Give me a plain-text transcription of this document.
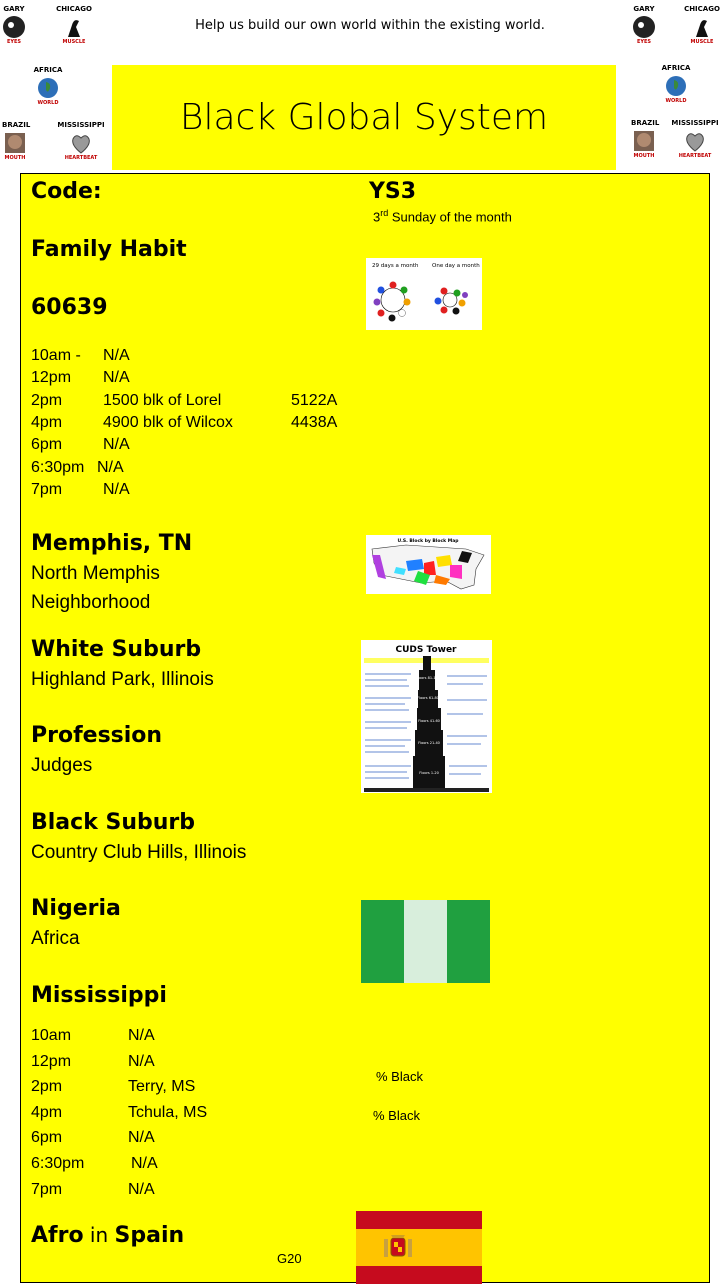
Help us build our own world within the existing world.
GARY
EYES
CHICAGO
MUSCLE
AFRICA
WORLD
BRAZIL
MOUTH
MISSISSIPPI
HEARTBEAT
GARY
EYES
CHICAGO
MUSCLE
AFRICA
WORLD
BRAZIL
MOUTH
MISSISSIPPI
HEARTBEAT
Black Global System
Code:	YS3
3rd Sunday of the month
Family Habit
29 days a month One day a month
60639
10am - N/A
12pm N/A
2pm	1500 blk of Lorel	5122A
4pm	4900 blk of Wilcox	4438A
6pm	N/A
6:30pm N/A
7pm	N/A
Memphis, TN
North Memphis
Neighborhood
U.S. Block by Block Map
White Suburb
Highland Park, Illinois
CUDS Tower
Floors 81-100
Floors 61-80
Floors 41-60
Floors 21-40
Floors 1-20
Profession
Judges
Black Suburb
Country Club Hills, Illinois
Nigeria
Africa
Mississippi
10am	N/A
12pm	N/A
2pm	Terry, MS
4pm	Tchula, MS
6pm	N/A
6:30pm	N/A
7pm	N/A
% Black
% Black
Afro in Spain
G20
